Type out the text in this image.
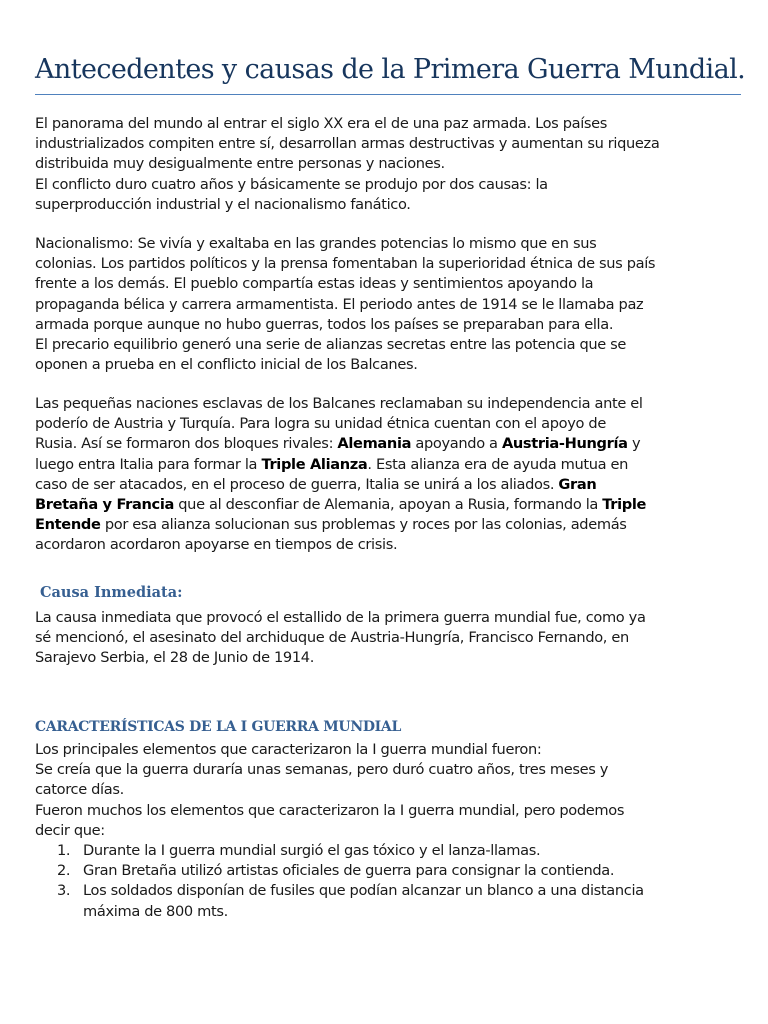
Antecedentes y causas de la Primera Guerra Mundial.

El panorama del mundo al entrar el siglo XX era el de una paz armada. Los países

industrializados compiten entre sí, desarrollan armas destructivas y aumentan su riqueza

distribuida muy desigualmente entre personas y naciones.

El conflicto duro cuatro años y básicamente se produjo por dos causas: la

superproducción industrial y el nacionalismo fanático.

Nacionalismo: Se vivía y exaltaba en las grandes potencias lo mismo que en sus

colonias. Los partidos políticos y la prensa fomentaban la superioridad étnica de sus país

frente a los demás. El pueblo compartía estas ideas y sentimientos apoyando la

propaganda bélica y carrera armamentista. El periodo antes de 1914 se le llamaba paz

armada porque aunque no hubo guerras, todos los países se preparaban para ella.

El precario equilibrio generó una serie de alianzas secretas entre las potencia que se

oponen a prueba en el conflicto inicial de los Balcanes.

Las pequeñas naciones esclavas de los Balcanes reclamaban su independencia ante el

poderío de Austria y Turquía. Para logra su unidad étnica cuentan con el apoyo de

Rusia. Así se formaron dos bloques rivales: Alemania apoyando a Austria-Hungría y

luego entra Italia para formar la Triple Alianza. Esta alianza era de ayuda mutua en

caso de ser atacados, en el proceso de guerra, Italia se unirá a los aliados. Gran

Bretaña y Francia que al desconfiar de Alemania, apoyan a Rusia, formando la Triple

Entende por esa alianza solucionan sus problemas y roces por las colonias, además

acordaron acordaron apoyarse en tiempos de crisis.

Causa Inmediata:

La causa inmediata que provocó el estallido de la primera guerra mundial fue, como ya

sé mencionó, el asesinato del archiduque de Austria-Hungría, Francisco Fernando, en

Sarajevo Serbia, el 28 de Junio de 1914.

CARACTERÍSTICAS DE LA I GUERRA MUNDIAL

Los principales elementos que caracterizaron la I guerra mundial fueron:

Se creía que la guerra duraría unas semanas, pero duró cuatro años, tres meses y

catorce días.

Fueron muchos los elementos que caracterizaron la I guerra mundial, pero podemos

decir que:

1. Durante la I guerra mundial surgió el gas tóxico y el lanza-llamas.
2. Gran Bretaña utilizó artistas oficiales de guerra para consignar la contienda.
3. Los soldados disponían de fusiles que podían alcanzar un blanco a una distancia
máxima de 800 mts.
